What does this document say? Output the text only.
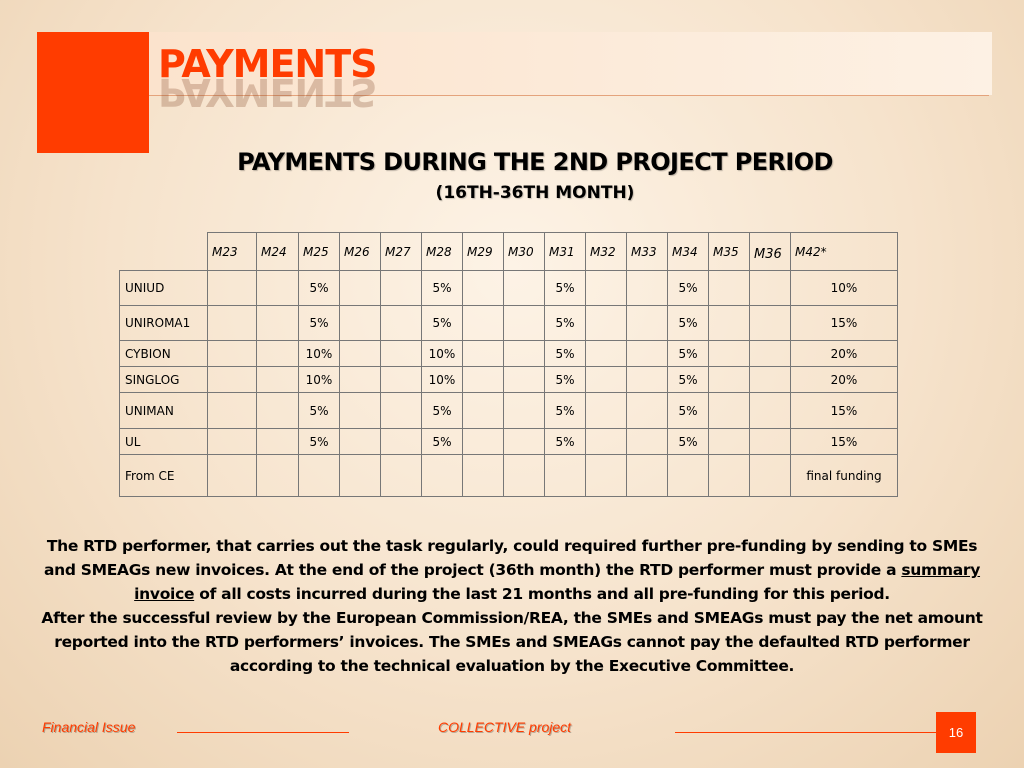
PAYMENTS PAYMENTS
PAYMENTS DURING THE 2ND PROJECT PERIOD
(16TH-36TH MONTH)
	M23	M24	M25	M26	M27	M28	M29	M30	M31	M32	M33	M34	M35	M36	M42*
UNIUD			5%			5%			5%			5%			10%
UNIROMA1			5%			5%			5%			5%			15%
CYBION			10%			10%			5%			5%			20%
SINGLOG			10%			10%			5%			5%			20%
UNIMAN			5%			5%			5%			5%			15%
UL			5%			5%			5%			5%			15%
From CE															final funding

The RTD performer, that carries out the task regularly, could required further pre-funding by sending to SMEs and SMEAGs new invoices. At the end of the project (36th month) the RTD performer must provide a summary invoice of all costs incurred during the last 21 months and all pre-funding for this period.
After the successful review by the European Commission/REA, the SMEs and SMEAGs must pay the net amount reported into the RTD performers’ invoices. The SMEs and SMEAGs cannot pay the defaulted RTD performer according to the technical evaluation by the Executive Committee.

Financial Issue	COLLECTIVE project	16
